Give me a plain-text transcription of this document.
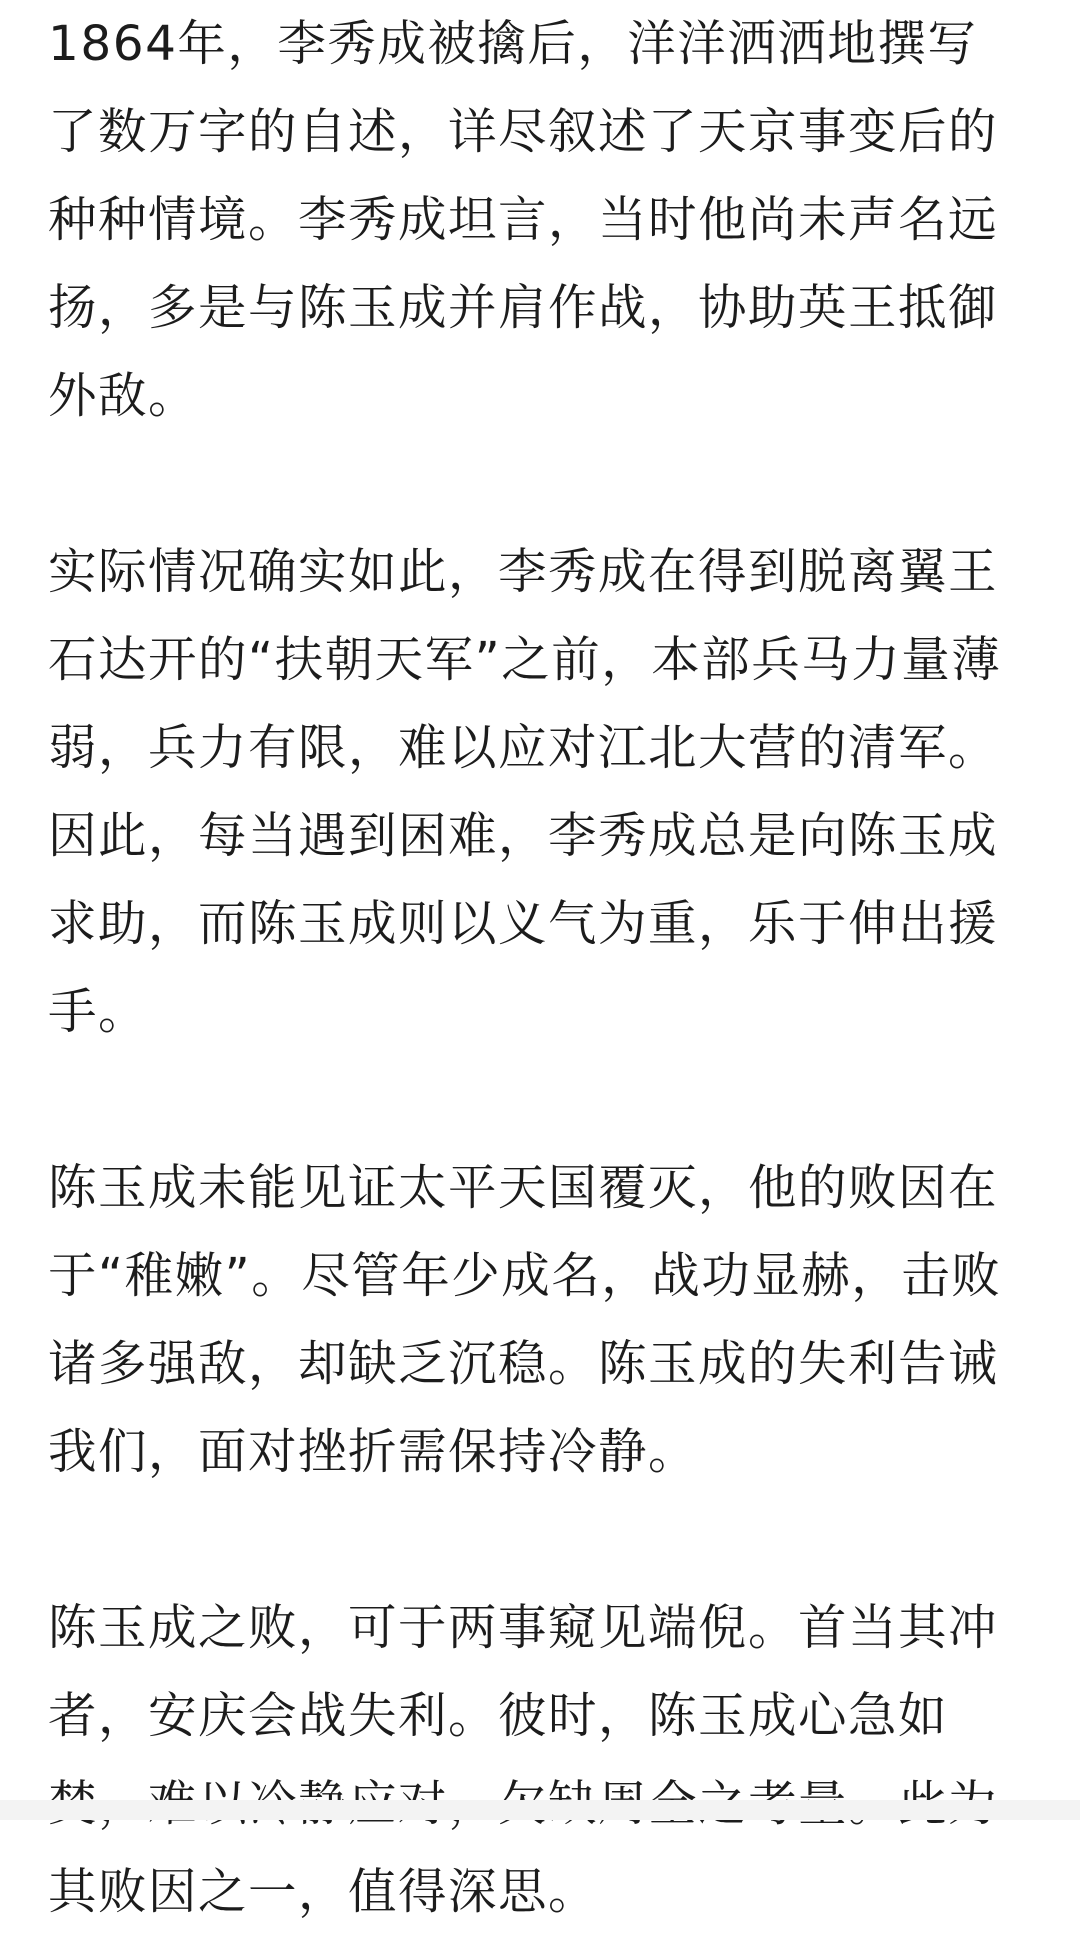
1864年，李秀成被擒后，洋洋洒洒地撰写
了数万字的自述，详尽叙述了天京事变后的
种种情境。李秀成坦言，当时他尚未声名远
扬，多是与陈玉成并肩作战，协助英王抵御
外敌。
实际情况确实如此，李秀成在得到脱离翼王
石达开的“扶朝天军”之前，本部兵马力量薄
弱，兵力有限，难以应对江北大营的清军。
因此，每当遇到困难，李秀成总是向陈玉成
求助，而陈玉成则以义气为重，乐于伸出援
手。
陈玉成未能见证太平天国覆灭，他的败因在
于“稚嫩”。尽管年少成名，战功显赫，击败
诸多强敌，却缺乏沉稳。陈玉成的失利告诫
我们，面对挫折需保持冷静。
陈玉成之败，可于两事窥见端倪。首当其冲
者，安庆会战失利。彼时，陈玉成心急如
其败因之一，值得深思。
